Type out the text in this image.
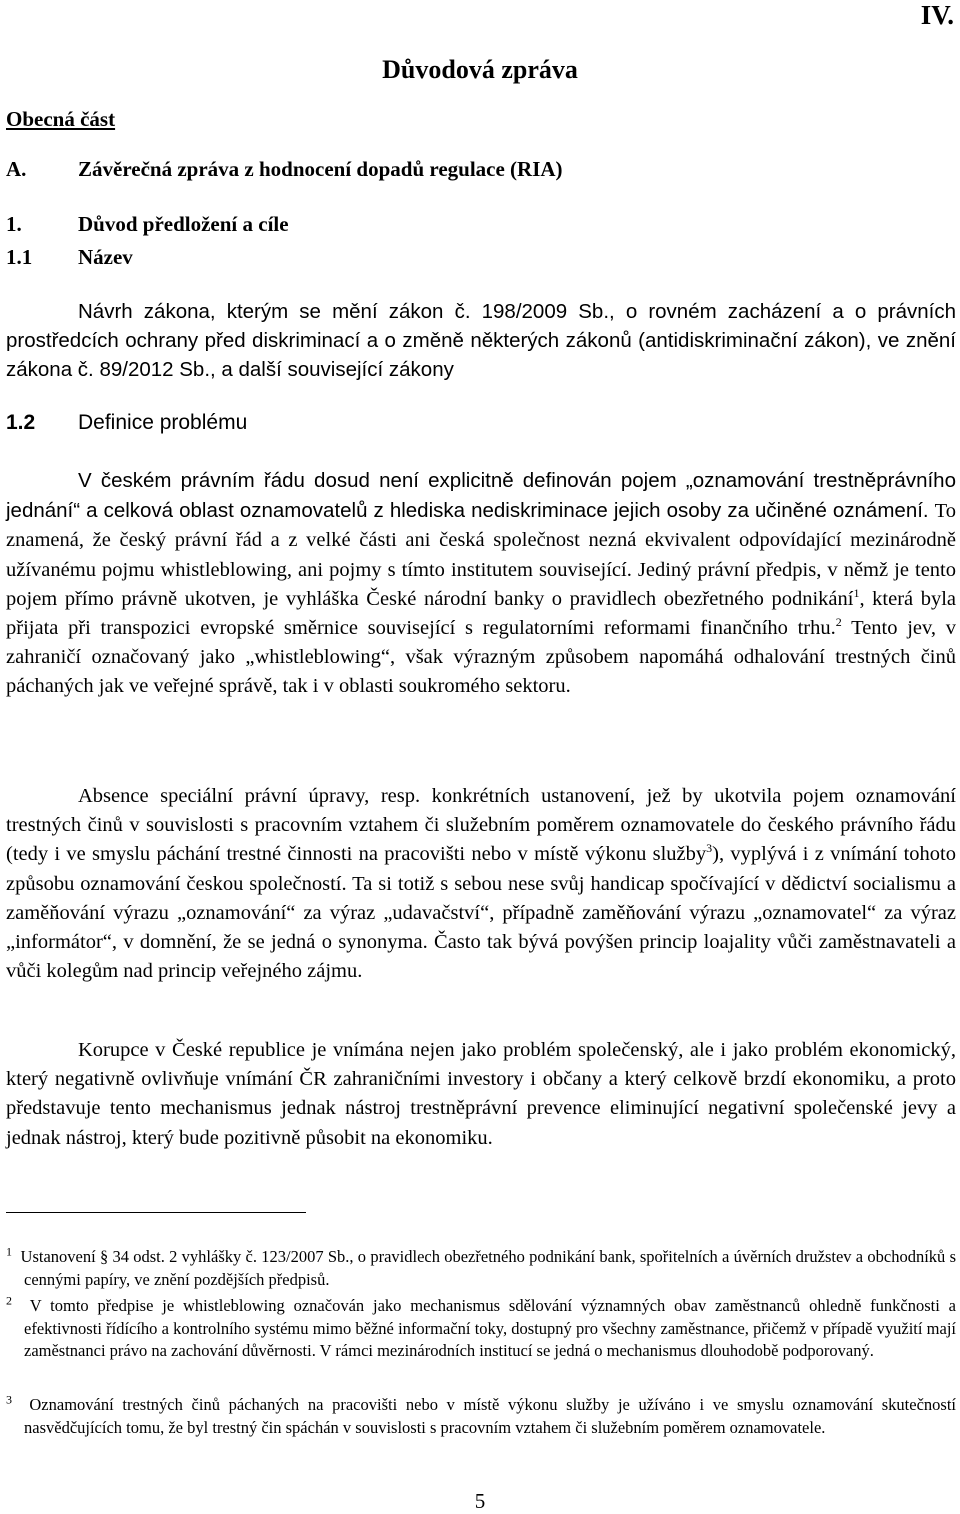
IV.
Důvodová zpráva
Obecná část
A. Závěrečná zpráva z hodnocení dopadů regulace (RIA)
1.	Důvod předložení a cíle
1.1 Název
Návrh zákona, kterým se mění zákon č. 198/2009 Sb., o rovném zacházení a o právních prostředcích ochrany před diskriminací a o změně některých zákonů (antidiskriminační zákon), ve znění zákona č. 89/2012 Sb., a další související zákony
1.2 Definice problému
V českém právním řádu dosud není explicitně definován pojem „oznamování trestněprávního jednání“ a celková oblast oznamovatelů z hlediska nediskriminace jejich osoby za učiněné oznámení. To znamená, že český právní řád a z velké části ani česká společnost nezná ekvivalent odpovídající mezinárodně užívanému pojmu whistleblowing, ani pojmy s tímto institutem související. Jediný právní předpis, v němž je tento pojem přímo právně ukotven, je vyhláška České národní banky o pravidlech obezřetného podnikání$^1$, která byla přijata při transpozici evropské směrnice související s regulatorními reformami finančního trhu.$^2$ Tento jev, v zahraničí označovaný jako „whistleblowing“, však výrazným způsobem napomáhá odhalování trestných činů páchaných jak ve veřejné správě, tak i v oblasti soukromého sektoru.
Absence speciální právní úpravy, resp. konkrétních ustanovení, jež by ukotvila pojem oznamování trestných činů v souvislosti s pracovním vztahem či služebním poměrem oznamovatele do českého právního řádu (tedy i ve smyslu páchání trestné činnosti na pracovišti nebo v místě výkonu služby$^3$), vyplývá i z vnímání tohoto způsobu oznamování českou společností. Ta si totiž s sebou nese svůj handicap spočívající v dědictví socialismu a zaměňování výrazu „oznamování“ za výraz „udavačství“, případně zaměňování výrazu „oznamovatel“ za výraz „informátor“, v domnění, že se jedná o synonyma. Často tak bývá povýšen princip loajality vůči zaměstnavateli a vůči kolegům nad princip veřejného zájmu.
Korupce v České republice je vnímána nejen jako problém společenský, ale i jako problém ekonomický, který negativně ovlivňuje vnímání ČR zahraničními investory i občany a který celkově brzdí ekonomiku, a proto představuje tento mechanismus jednak nástroj trestněprávní prevence eliminující negativní společenské jevy a jednak nástroj, který bude pozitivně působit na ekonomiku.
$^1$ Ustanovení § 34 odst. 2 vyhlášky č. 123/2007 Sb., o pravidlech obezřetného podnikání bank, spořitelních a úvěrních družstev a obchodníků s cennými papíry, ve znění pozdějších předpisů.
$^2$ V tomto předpise je whistleblowing označován jako mechanismus sdělování významných obav zaměstnanců ohledně funkčnosti a efektivnosti řídícího a kontrolního systému mimo běžné informační toky, dostupný pro všechny zaměstnance, přičemž v případě využití mají zaměstnanci právo na zachování důvěrnosti. V rámci mezinárodních institucí se jedná o mechanismus dlouhodobě podporovaný.
$^3$ Oznamování trestných činů páchaných na pracovišti nebo v místě výkonu služby je užíváno i ve smyslu oznamování skutečností nasvědčujících tomu, že byl trestný čin spáchán v souvislosti s pracovním vztahem či služebním poměrem oznamovatele.
5
